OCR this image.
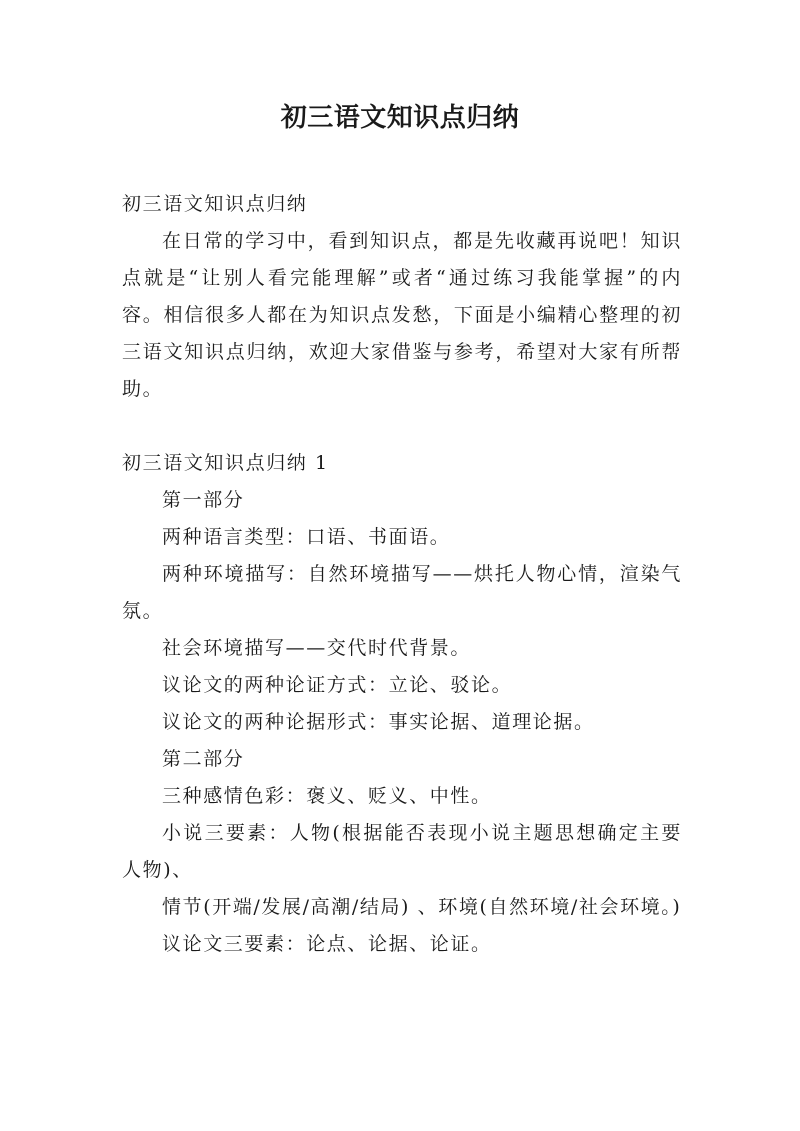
初三语文知识点归纳

初三语文知识点归纳

在日常的学习中，看到知识点，都是先收藏再说吧！知识点就是“让别人看完能理解”或者“通过练习我能掌握”的内容。相信很多人都在为知识点发愁，下面是小编精心整理的初三语文知识点归纳，欢迎大家借鉴与参考，希望对大家有所帮助。

初三语文知识点归纳 1

第一部分

两种语言类型：口语、书面语。

两种环境描写：自然环境描写——烘托人物心情，渲染气氛。

社会环境描写——交代时代背景。

议论文的两种论证方式：立论、驳论。

议论文的两种论据形式：事实论据、道理论据。

第二部分

三种感情色彩：褒义、贬义、中性。

小说三要素：人物(根据能否表现小说主题思想确定主要人物)、

情节(开端/发展/高潮/结局) 、环境(自然环境/社会环境。)

议论文三要素：论点、论据、论证。
